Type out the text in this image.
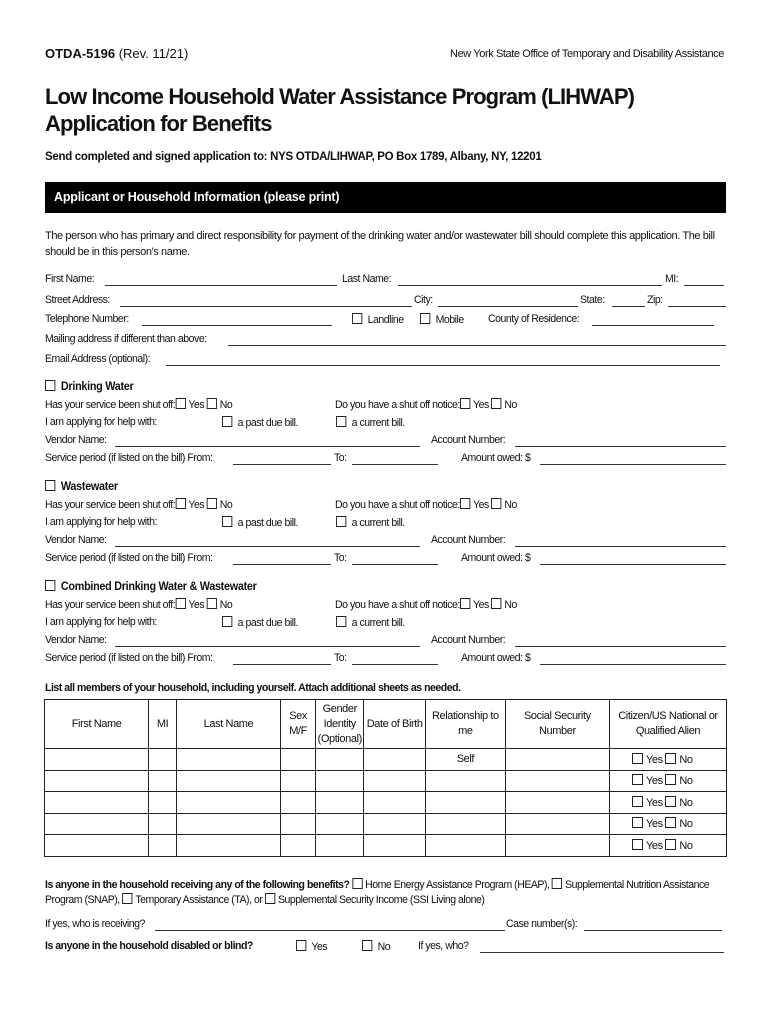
OTDA-5196 (Rev. 11/21)	New York State Office of Temporary and Disability Assistance
Low Income Household Water Assistance Program (LIHWAP) Application for Benefits
Send completed and signed application to: NYS OTDA/LIHWAP, PO Box 1789, Albany, NY, 12201
Applicant or Household Information (please print)
The person who has primary and direct responsibility for payment of the drinking water and/or wastewater bill should complete this application. The bill should be in this person's name.
First Name:	Last Name:	MI:
Street Address:	City:	State:	Zip:
Telephone Number:	Landline	Mobile County of Residence:
Mailing address if different than above:
Email Address (optional):
Drinking Water
Has your service been shut off: Yes No	Do you have a shut off notice: Yes No
I am applying for help with:	a past due bill.	a current bill.
Vendor Name:	Account Number:
Service period (if listed on the bill) From:	To:	Amount owed: $
Wastewater
Has your service been shut off: Yes No	Do you have a shut off notice: Yes No
I am applying for help with:	a past due bill.	a current bill.
Vendor Name:	Account Number:
Service period (if listed on the bill) From:	To:	Amount owed: $
Combined Drinking Water & Wastewater
Has your service been shut off: Yes No	Do you have a shut off notice: Yes No
I am applying for help with:	a past due bill.	a current bill.
Vendor Name:	Account Number:
Service period (if listed on the bill) From:	To:	Amount owed: $
List all members of your household, including yourself. Attach additional sheets as needed.
First Name	MI	Last Name	Sex M/F	Gender Identity (Optional)	Date of Birth	Relationship to me	Social Security Number	Citizen/US National or Qualified Alien
						Self		Yes No
								Yes No
								Yes No
								Yes No
								Yes No
Is anyone in the household receiving any of the following benefits? Home Energy Assistance Program (HEAP), Supplemental Nutrition Assistance Program (SNAP), Temporary Assistance (TA), or Supplemental Security Income (SSI Living alone)
If yes, who is receiving?	Case number(s):
Is anyone in the household disabled or blind?	Yes	No If yes, who?
